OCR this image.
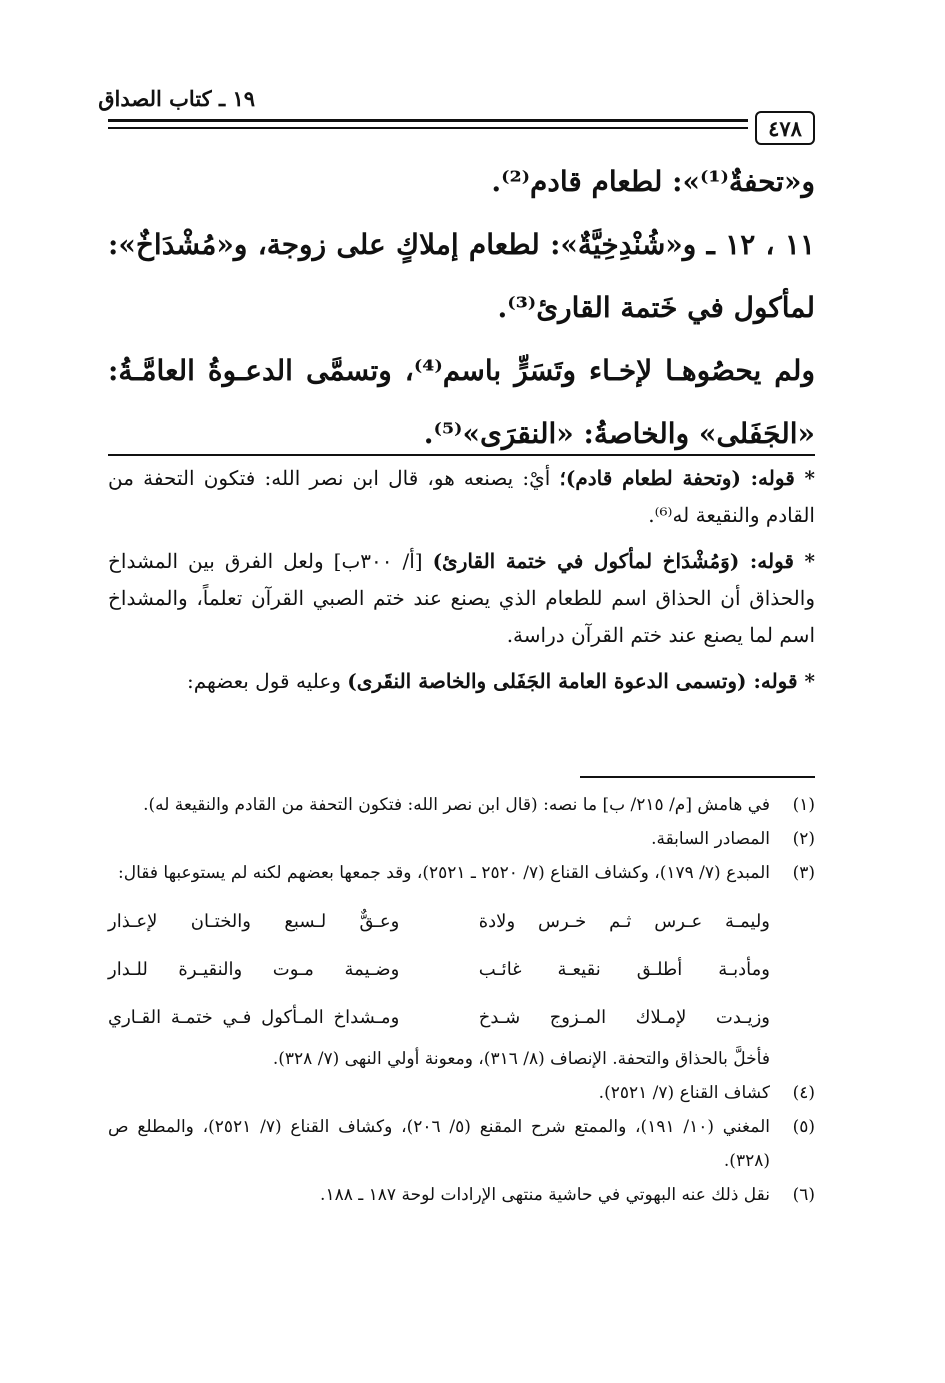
١٩ ـ كتاب الصداق
٤٧٨

و«تحفةٌ⁽¹⁾»: لطعام قادم⁽²⁾.

١١ ، ١٢ ـ و«شُنْدِخِيَّةٌ»: لطعام إملاكٍ على زوجة، و«مُشْدَاخٌ»: لمأكول في خَتمة القارئ⁽³⁾.

ولم يحصُوهـا لإخـاء وتَسَرٍّ باسم⁽⁴⁾، وتسمَّى الدعـوةُ العامَّـةُ: «الجَفَلى» والخاصةُ: «النقرَى»⁽⁵⁾.

* قوله: (وتحفة لطعام قادم)؛ أيْ: يصنعه هو، قال ابن نصر الله: فتكون التحفة من القادم والنقيعة له⁽⁶⁾.

* قوله: (وَمُشْدَاخ لمأكول في ختمة القارئ) [أ/ ٣٠٠ب] ولعل الفرق بين المشداخ والحذاق أن الحذاق اسم للطعام الذي يصنع عند ختم الصبي القرآن تعلماً، والمشداخ اسم لما يصنع عند ختم القرآن دراسة.

* قوله: (وتسمى الدعوة العامة الجَفَلى والخاصة النقَرى) وعليه قول بعضهم:

(١)
في هامش [م/ ٢١٥/ ب] ما نصه: (قال ابن نصر الله: فتكون التحفة من القادم والنقيعة له).
(٢)
المصادر السابقة.
(٣)
المبدع (٧/ ١٧٩)، وكشاف القناع (٧/ ٢٥٢٠ ـ ٢٥٢١)، وقد جمعها بعضهم لكنه لم يستوعبها فقال:
وليمـة عـرس ثـم خـرس ولادة
وعـقٌّ لـسبع والختـان لإعـذار
ومأدبـة أطلـق نقيعـة غائـب
وضـيمة مـوت والنقيـرة للـدار
وزيـدت لإمـلاك المـزوج شـدخ
ومـشداخ المـأكول فـي ختمـة القـاري
فأخلَّ بالحذاق والتحفة. الإنصاف (٨/ ٣١٦)، ومعونة أولي النهى (٧/ ٣٢٨).
(٤)
كشاف القناع (٧/ ٢٥٢١).
(٥)
المغني (١٠/ ١٩١)، والممتع شرح المقنع (٥/ ٢٠٦)، وكشاف القناع (٧/ ٢٥٢١)، والمطلع ص (٣٢٨).
(٦)
نقل ذلك عنه البهوتي في حاشية منتهى الإرادات لوحة ١٨٧ ـ ١٨٨.
